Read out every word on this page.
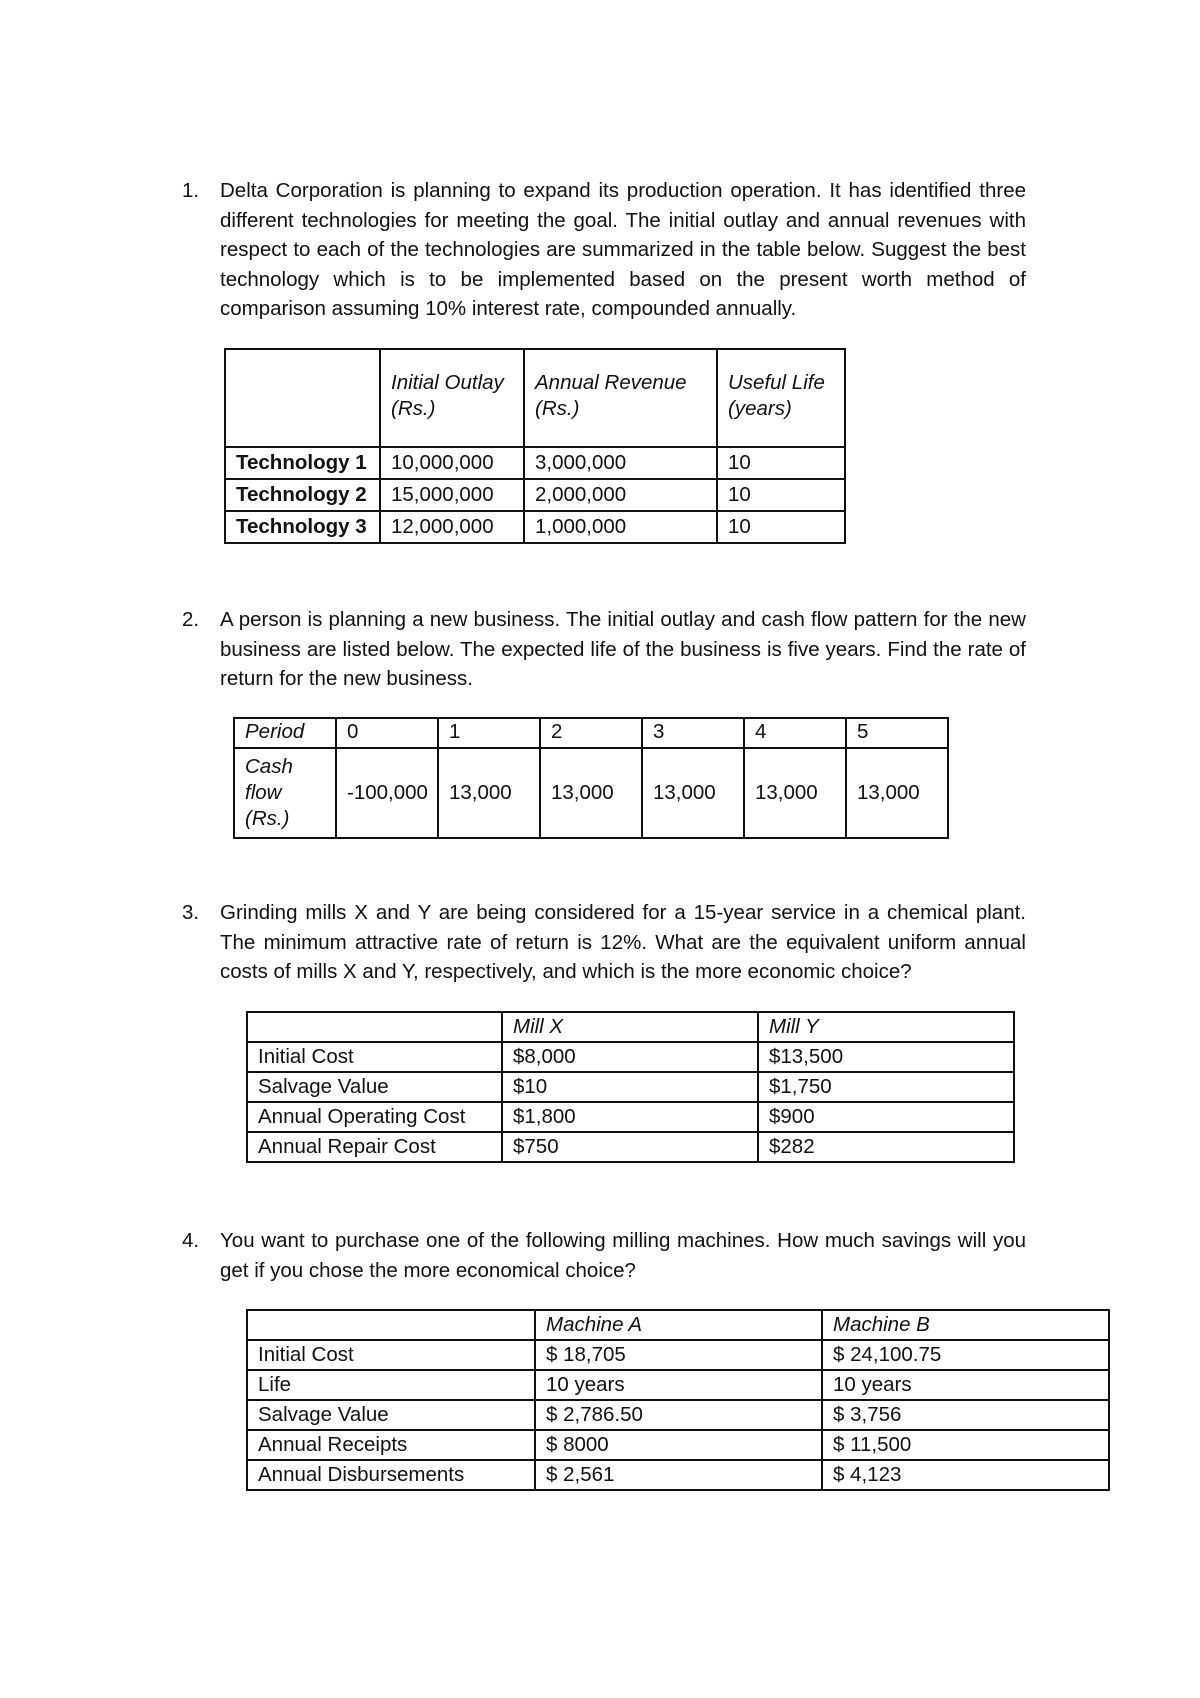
1.	Delta Corporation is planning to expand its production operation. It has identified three different technologies for meeting the goal. The initial outlay and annual revenues with respect to each of the technologies are summarized in the table below. Suggest the best technology which is to be implemented based on the present worth method of comparison assuming 10% interest rate, compounded annually.
	Initial Outlay (Rs.)	Annual Revenue (Rs.)	Useful Life (years)
Technology 1	10,000,000	3,000,000	10
Technology 2	15,000,000	2,000,000	10
Technology 3	12,000,000	1,000,000	10
2.	A person is planning a new business. The initial outlay and cash flow pattern for the new business are listed below. The expected life of the business is five years. Find the rate of return for the new business.
Period	0	1	2	3	4	5
Cash flow (Rs.)	-100,000	13,000	13,000	13,000	13,000	13,000
3.	Grinding mills X and Y are being considered for a 15-year service in a chemical plant. The minimum attractive rate of return is 12%. What are the equivalent uniform annual costs of mills X and Y, respectively, and which is the more economic choice?
	Mill X	Mill Y
Initial Cost	$8,000	$13,500
Salvage Value	$10	$1,750
Annual Operating Cost	$1,800	$900
Annual Repair Cost	$750	$282
4.	You want to purchase one of the following milling machines. How much savings will you get if you chose the more economical choice?
	Machine A	Machine B
Initial Cost	$ 18,705	$ 24,100.75
Life	10 years	10 years
Salvage Value	$ 2,786.50	$ 3,756
Annual Receipts	$ 8000	$ 11,500
Annual Disbursements	$ 2,561	$ 4,123
